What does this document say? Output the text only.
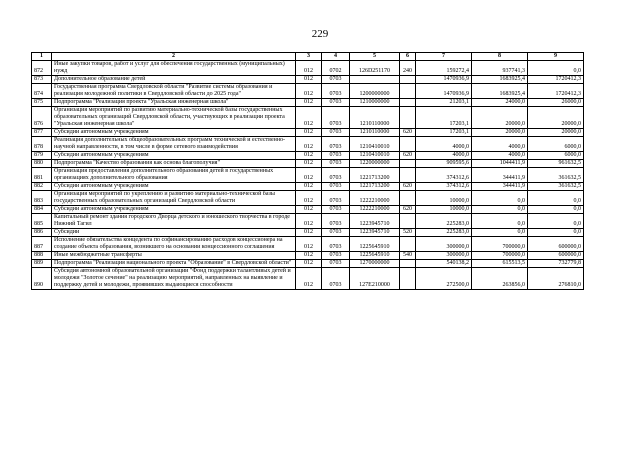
229
1	2	3	4	5	6	7	8	9
872	Иные закупки товаров, работ и услуг для обеспечения государственных (муниципальных) нужд	012	0702	126D251170	240	159272,4	937741,3	0,0
873	Дополнительное образование детей	012	0703			1470936,9	1683925,4	1720412,3
874	Государственная программа Свердловской области "Развитие системы образования и реализация молодежной политики в Свердловской области до 2025 года"	012	0703	1200000000		1470936,9	1683925,4	1720412,3
875	Подпрограмма "Реализация проекта "Уральская инженерная школа"	012	0703	1210000000		21203,1	24000,0	26000,0
876	Организация мероприятий по развитию материально-технической базы государственных образовательных организаций Свердловской области, участвующих в реализации проекта "Уральская инженерная школа"	012	0703	1210110000		17203,1	20000,0	20000,0
877	Субсидии автономным учреждениям	012	0703	1210110000	620	17203,1	20000,0	20000,0
878	Реализация дополнительных общеобразовательных программ технической и естественно-научной направленности, в том числе в форме сетевого взаимодействия	012	0703	1210410010		4000,0	4000,0	6000,0
879	Субсидии автономным учреждениям	012	0703	1210410010	620	4000,0	4000,0	6000,0
880	Подпрограмма "Качество образования как основа благополучия"	012	0703	1220000000		909595,6	1044411,9	961632,5
881	Организация предоставления дополнительного образования детей в государственных организациях дополнительного образования	012	0703	1221713200		374312,6	344411,9	361632,5
882	Субсидии автономным учреждениям	012	0703	1221713200	620	374312,6	344411,9	361632,5
883	Организация мероприятий по укреплению и развитию материально-технической базы государственных образовательных организаций Свердловской области	012	0703	1222210000		10000,0	0,0	0,0
884	Субсидии автономным учреждениям	012	0703	1222210000	620	10000,0	0,0	0,0
885	Капитальный ремонт здания городского Дворца детского и юношеского творчества в городе Нижний Тагил	012	0703	1223945710		225283,0	0,0	0,0
886	Субсидии	012	0703	1223945710	520	225283,0	0,0	0,0
887	Исполнение обязательства концедента по софинансированию расходов концессионера на создание объекта образования, возникшего на основании концессионного соглашения	012	0703	1225645910		300000,0	700000,0	600000,0
888	Иные межбюджетные трансферты	012	0703	1225645910	540	300000,0	700000,0	600000,0
889	Подпрограмма "Реализация национального проекта "Образование" в Свердловской области"	012	0703	1270000000		540138,2	615513,5	732779,8
890	Субсидия автономной образовательной организации "Фонд поддержки талантливых детей и молодежи "Золотое сечение" на реализацию мероприятий, направленных на выявление и поддержку детей и молодежи, проявивших выдающиеся способности	012	0703	127E210000		272500,0	263856,0	276810,0
